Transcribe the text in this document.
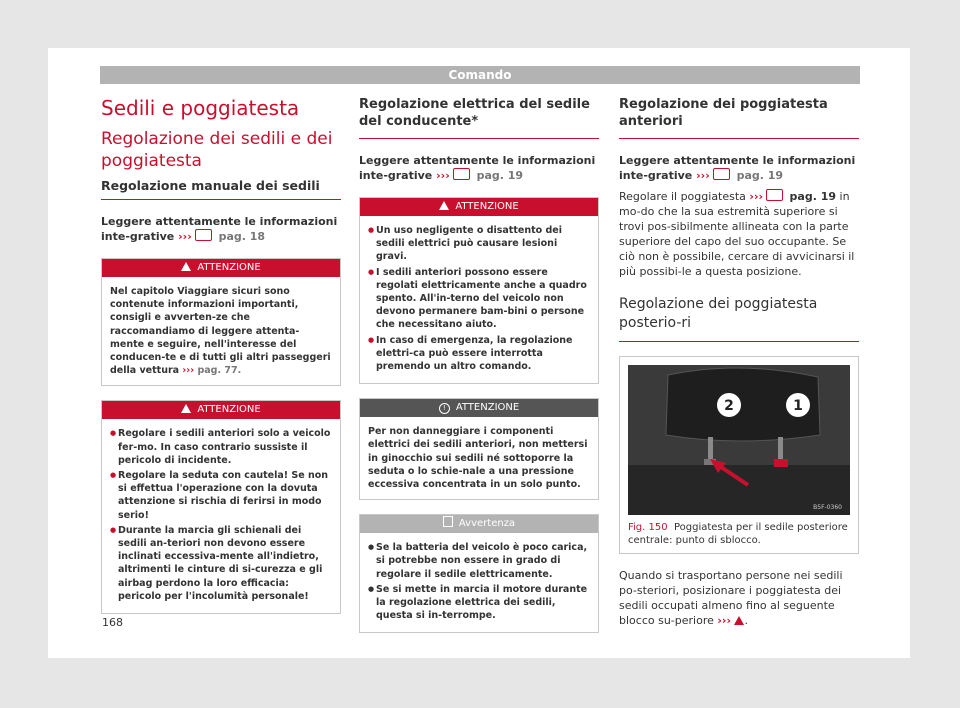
Comando
Sedili e poggiatesta
Regolazione dei sedili e dei poggiatesta
Regolazione manuale dei sedili
Leggere attentamente le informazioni inte-grative ››› pag. 18
ATTENZIONE
Nel capitolo Viaggiare sicuri sono contenute informazioni importanti, consigli e avverten-ze che raccomandiamo di leggere attenta-mente e seguire, nell'interesse del conducen-te e di tutti gli altri passeggeri della vettura ››› pag. 77.
ATTENZIONE
● Regolare i sedili anteriori solo a veicolo fer-mo. In caso contrario sussiste il pericolo di incidente.
● Regolare la seduta con cautela! Se non si effettua l'operazione con la dovuta attenzione si rischia di ferirsi in modo serio!
● Durante la marcia gli schienali dei sedili an-teriori non devono essere inclinati eccessiva-mente all'indietro, altrimenti le cinture di si-curezza e gli airbag perdono la loro efficacia: pericolo per l'incolumità personale!
Regolazione elettrica del sedile del conducente*
Leggere attentamente le informazioni inte-grative ››› pag. 19
ATTENZIONE
● Un uso negligente o disattento dei sedili elettrici può causare lesioni gravi.
● I sedili anteriori possono essere regolati elettricamente anche a quadro spento. All'in-terno del veicolo non devono permanere bam-bini o persone che necessitano aiuto.
● In caso di emergenza, la regolazione elettri-ca può essere interrotta premendo un altro comando.
! ATTENZIONE
Per non danneggiare i componenti elettrici dei sedili anteriori, non mettersi in ginocchio sui sedili né sottoporre la seduta o lo schie-nale a una pressione eccessiva concentrata in un solo punto.
Avvertenza
● Se la batteria del veicolo è poco carica, si potrebbe non essere in grado di regolare il sedile elettricamente.
● Se si mette in marcia il motore durante la regolazione elettrica dei sedili, questa si in-terrompe.
Regolazione dei poggiatesta anteriori
Leggere attentamente le informazioni inte-grative ››› pag. 19
Regolare il poggiatesta ››› pag. 19 in mo-do che la sua estremità superiore si trovi pos-sibilmente allineata con la parte superiore del capo del suo occupante. Se ciò non è possibile, cercare di avvicinarsi il più possibi-le a questa posizione.
Regolazione dei poggiatesta posterio-ri
2	1
B5F-0360
Fig. 150 Poggiatesta per il sedile posteriore centrale: punto di sblocco.
Quando si trasportano persone nei sedili po-steriori, posizionare i poggiatesta dei sedili occupati almeno fino al seguente blocco su-periore ››› .
168
